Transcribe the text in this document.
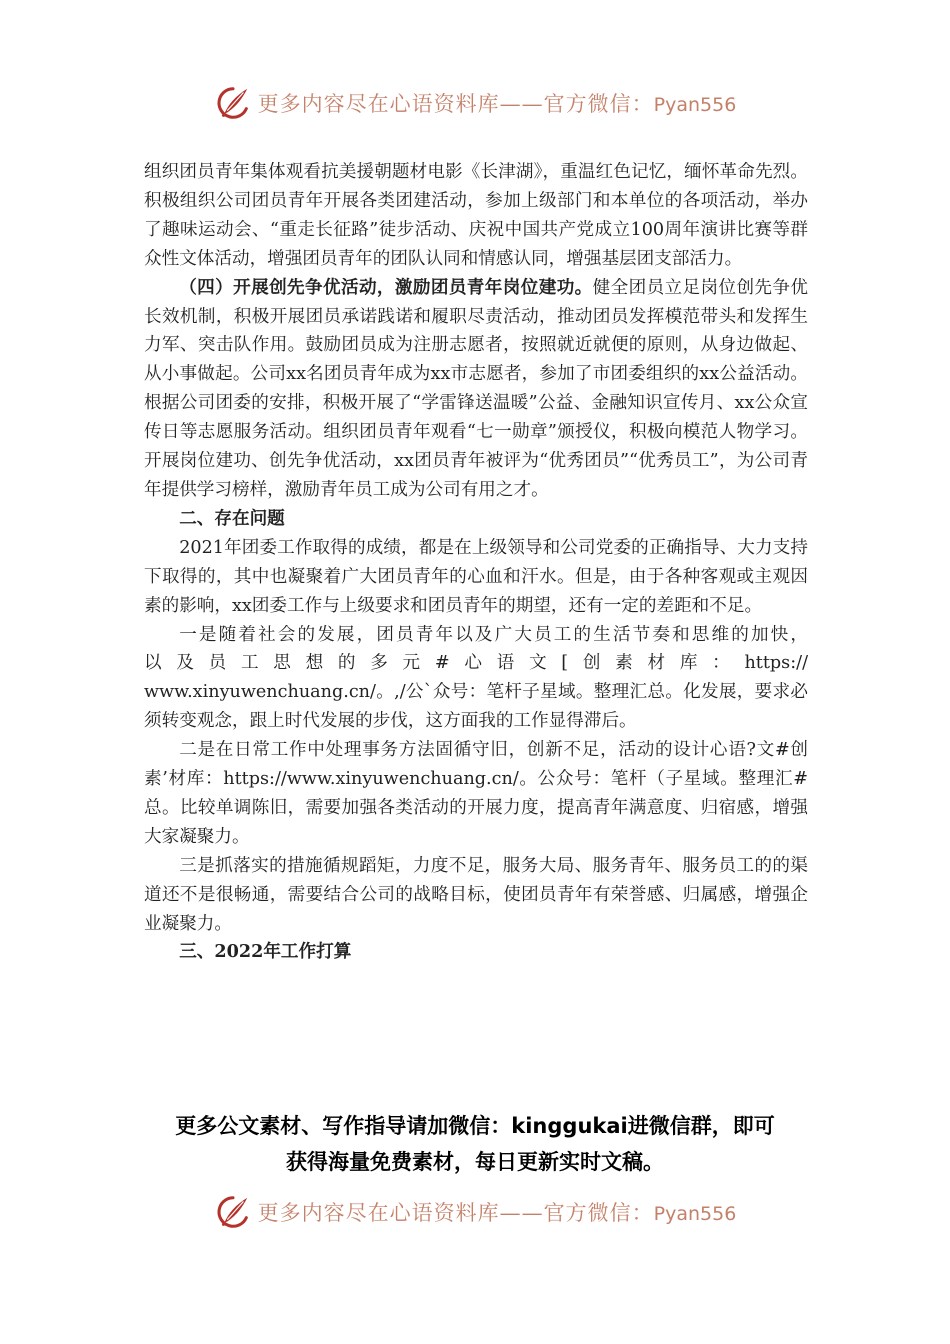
更多内容尽在心语资料库——官方微信：Pyan556

组织团员青年集体观看抗美援朝题材电影《长津湖》，重温红色记忆，缅怀革命先烈。积极组织公司团员青年开展各类团建活动，参加上级部门和本单位的各项活动，举办了趣味运动会、“重走长征路”徒步活动、庆祝中国共产党成立100周年演讲比赛等群众性文体活动，增强团员青年的团队认同和情感认同，增强基层团支部活力。

（四）开展创先争优活动，激励团员青年岗位建功。健全团员立足岗位创先争优长效机制，积极开展团员承诺践诺和履职尽责活动，推动团员发挥模范带头和发挥生力军、突击队作用。鼓励团员成为注册志愿者，按照就近就便的原则，从身边做起、从小事做起。公司xx名团员青年成为xx市志愿者，参加了市团委组织的xx公益活动。根据公司团委的安排，积极开展了“学雷锋送温暖”公益、金融知识宣传月、xx公众宣传日等志愿服务活动。组织团员青年观看“七一勋章”颁授仪，积极向模范人物学习。开展岗位建功、创先争优活动，xx团员青年被评为“优秀团员”“优秀员工”，为公司青年提供学习榜样，激励青年员工成为公司有用之才。

二、存在问题

2021年团委工作取得的成绩，都是在上级领导和公司党委的正确指导、大力支持下取得的，其中也凝聚着广大团员青年的心血和汗水。但是，由于各种客观或主观因素的影响，xx团委工作与上级要求和团员青年的期望，还有一定的差距和不足。

一是随着社会的发展，团员青年以及广大员工的生活节奏和思维的加快，

以及员工思想的多元#心语文[创素材库：https://

www.xinyuwenchuang.cn/。,/公`众号：笔杆子星域。整理汇总。化发展，要求必须转变观念，跟上时代发展的步伐，这方面我的工作显得滞后。

二是在日常工作中处理事务方法固循守旧，创新不足，活动的设计心语?文#创素’材库：https://www.xinyuwenchuang.cn/。公众号：笔杆（子星域。整理汇#总。比较单调陈旧，需要加强各类活动的开展力度，提高青年满意度、归宿感，增强大家凝聚力。

三是抓落实的措施循规蹈矩，力度不足，服务大局、服务青年、服务员工的的渠道还不是很畅通，需要结合公司的战略目标，使团员青年有荣誉感、归属感，增强企业凝聚力。

三、2022年工作打算

更多公文素材、写作指导请加微信：kinggukai进微信群，即可
获得海量免费素材，每日更新实时文稿。
更多内容尽在心语资料库——官方微信：Pyan556
